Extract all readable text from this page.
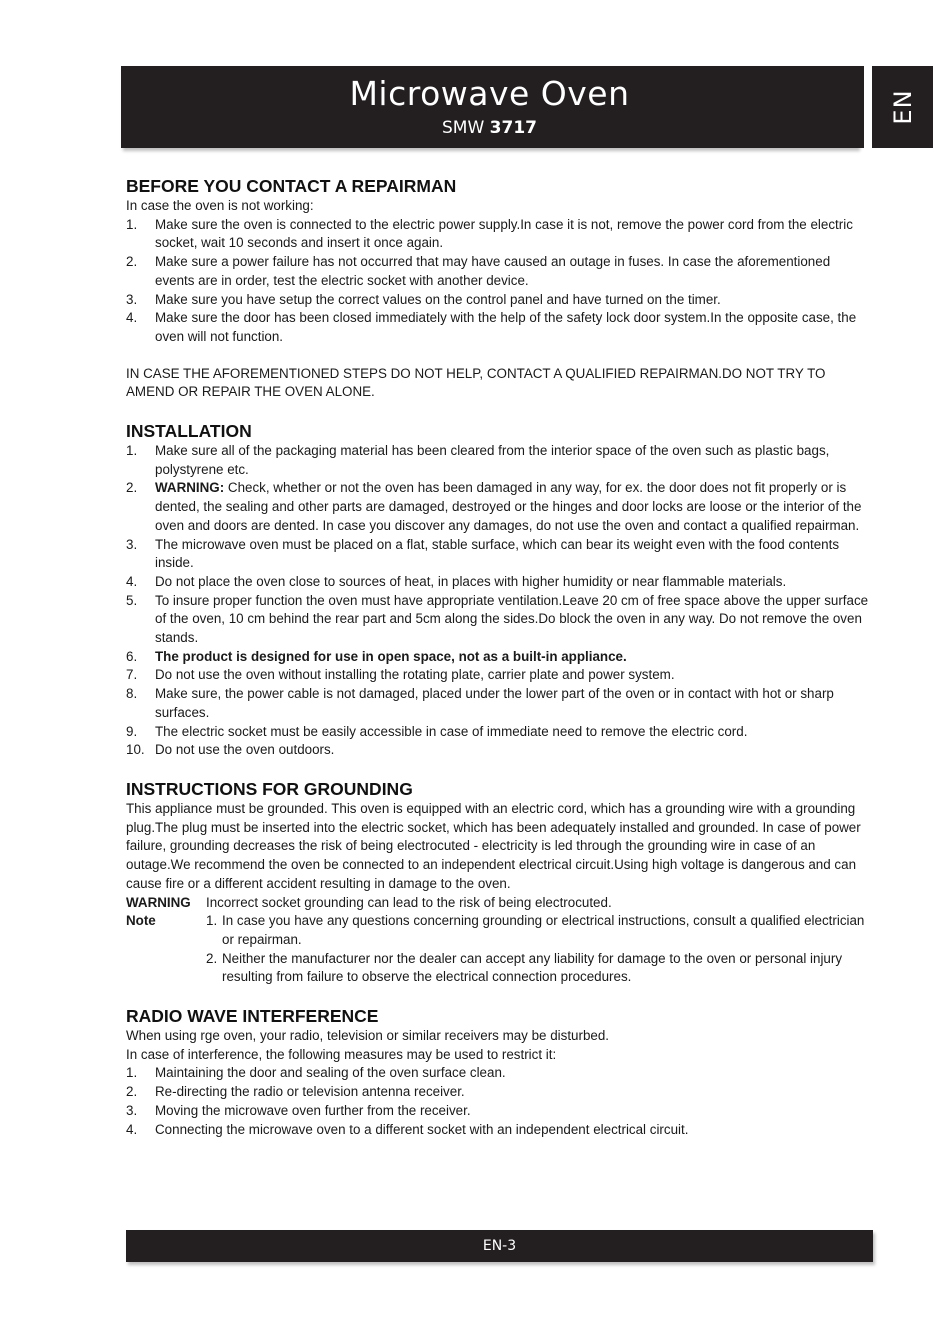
Microwave Oven
SMW 3717
EN
BEFORE YOU CONTACT A REPAIRMAN

In case the oven is not working:

1. Make sure the oven is connected to the electric power supply.In case it is not, remove the power cord from the electric socket, wait 10 seconds and insert it once again.
2. Make sure a power failure has not occurred that may have caused an outage in fuses. In case the aforementioned events are in order, test the electric socket with another device.
3. Make sure you have setup the correct values on the control panel and have turned on the timer.
4. Make sure the door has been closed immediately with the help of the safety lock door system.In the opposite case, the oven will not function.

IN CASE THE AFOREMENTIONED STEPS DO NOT HELP, CONTACT A QUALIFIED REPAIRMAN.DO NOT TRY TO AMEND OR REPAIR THE OVEN ALONE.

INSTALLATION
1. Make sure all of the packaging material has been cleared from the interior space of the oven such as plastic bags, polystyrene etc.
2. WARNING: Check, whether or not the oven has been damaged in any way, for ex. the door does not fit properly or is dented, the sealing and other parts are damaged, destroyed or the hinges and door locks are loose or the interior of the oven and doors are dented. In case you discover any damages, do not use the oven and contact a qualified repairman.
3. The microwave oven must be placed on a flat, stable surface, which can bear its weight even with the food contents inside.
4. Do not place the oven close to sources of heat, in places with higher humidity or near flammable materials.
5. To insure proper function the oven must have appropriate ventilation.Leave 20 cm of free space above the upper surface of the oven, 10 cm behind the rear part and 5cm along the sides.Do block the oven in any way. Do not remove the oven stands.
6. The product is designed for use in open space, not as a built-in appliance.
7. Do not use the oven without installing the rotating plate, carrier plate and power system.
8. Make sure, the power cable is not damaged, placed under the lower part of the oven or in contact with hot or sharp surfaces.
9. The electric socket must be easily accessible in case of immediate need to remove the electric cord.
10. Do not use the oven outdoors.
INSTRUCTIONS FOR GROUNDING

This appliance must be grounded. This oven is equipped with an electric cord, which has a grounding wire with a grounding plug.The plug must be inserted into the electric socket, which has been adequately installed and grounded. In case of power failure, grounding decreases the risk of being electrocuted - electricity is led through the grounding wire in case of an outage.We recommend the oven be connected to an independent electrical circuit.Using high voltage is dangerous and can cause fire or a different accident resulting in damage to the oven.

WARNING Incorrect socket grounding can lead to the risk of being electrocuted.
Note	1. In case you have any questions concerning grounding or electrical instructions, consult a qualified electrician or repairman.
2. Neither the manufacturer nor the dealer can accept any liability for damage to the oven or personal injury resulting from failure to observe the electrical connection procedures.
RADIO WAVE INTERFERENCE

When using rge oven, your radio, television or similar receivers may be disturbed.

In case of interference, the following measures may be used to restrict it:

1. Maintaining the door and sealing of the oven surface clean.
2. Re-directing the radio or television antenna receiver.
3. Moving the microwave oven further from the receiver.
4. Connecting the microwave oven to a different socket with an independent electrical circuit.
EN-3
